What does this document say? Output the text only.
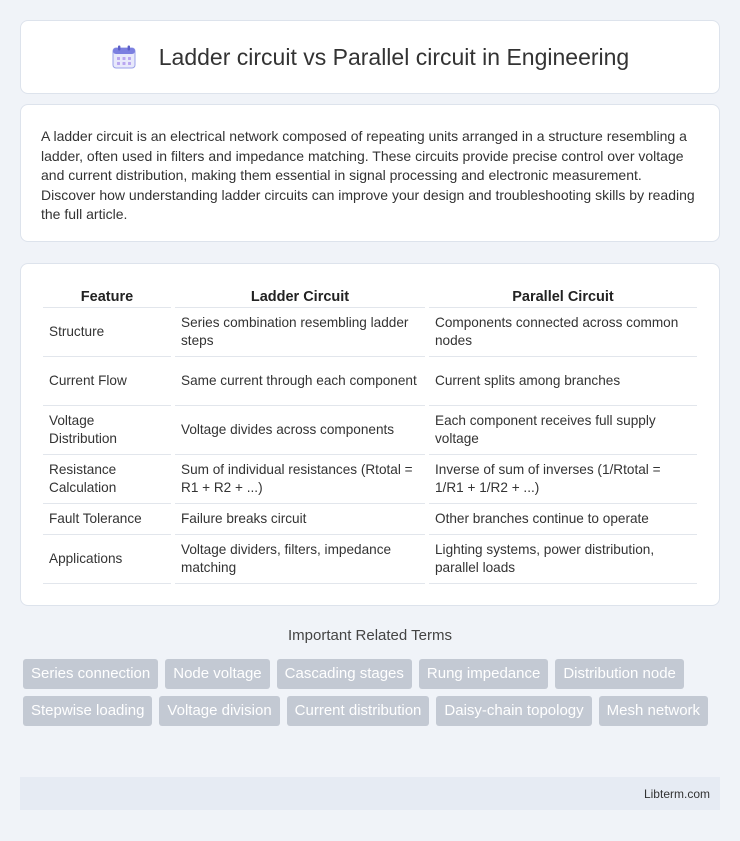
Ladder circuit vs Parallel circuit in Engineering

A ladder circuit is an electrical network composed of repeating units arranged in a structure resembling a ladder, often used in filters and impedance matching. These circuits provide precise control over voltage and current distribution, making them essential in signal processing and electronic measurement. Discover how understanding ladder circuits can improve your design and troubleshooting skills by reading the full article.

Feature	Ladder Circuit	Parallel Circuit
Structure	Series combination resembling ladder steps	Components connected across common nodes
Current Flow	Same current through each component	Current splits among branches
Voltage Distribution	Voltage divides across components	Each component receives full supply voltage
Resistance Calculation	Sum of individual resistances (Rtotal = R1 + R2 + ...)	Inverse of sum of inverses (1/Rtotal = 1/R1 + 1/R2 + ...)
Fault Tolerance	Failure breaks circuit	Other branches continue to operate
Applications	Voltage dividers, filters, impedance matching	Lighting systems, power distribution, parallel loads
Important Related Terms
Series connection	Node voltage	Cascading stages	Rung impedance	Distribution node
Stepwise loading	Voltage division	Current distribution	Daisy-chain topology	Mesh network
Libterm.com
